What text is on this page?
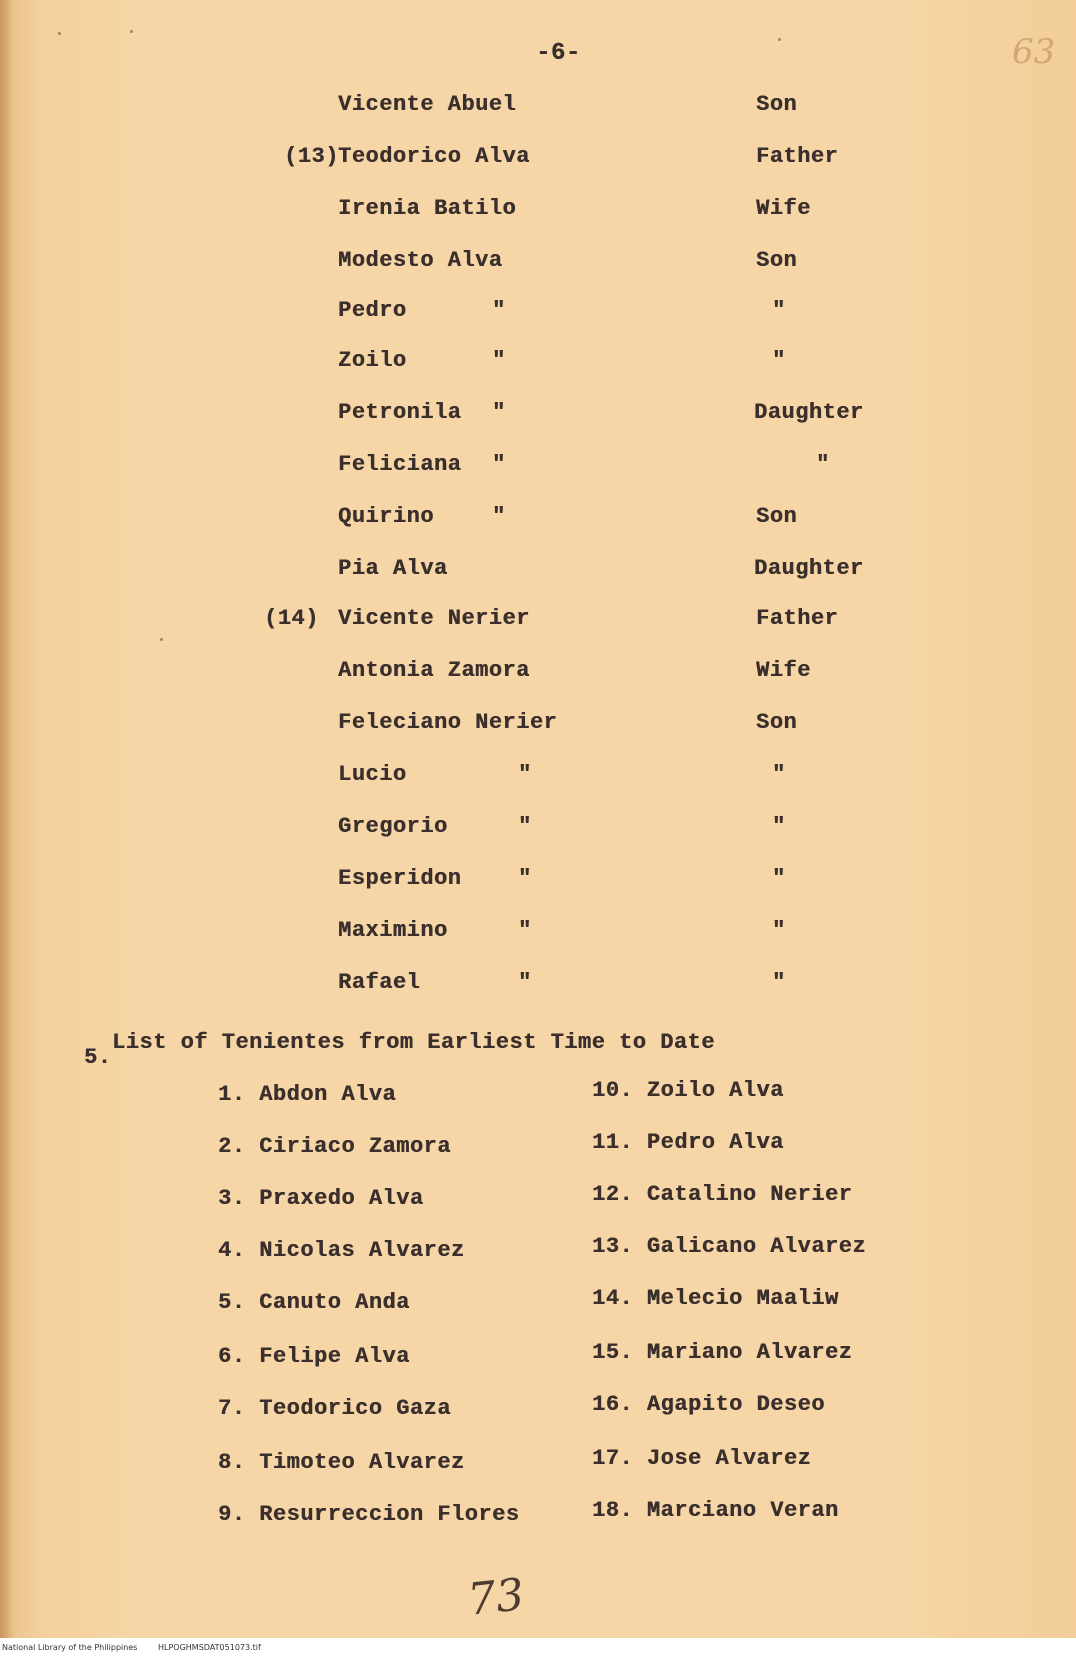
-6-	63
Vicente Abuel	Son
(13) Teodorico Alva	Father
Irenia Batilo	Wife
Modesto Alva	Son
Pedro	"	"
Zoilo	"	"
Petronila "	Daughter
Feliciana "	"
Quirino	"	Son
Pia Alva	Daughter
(14) Vicente Nerier	Father
Antonia Zamora	Wife
Feleciano Nerier	Son
Lucio	"	"
Gregorio	"	"
Esperidon	"	"
Maximino	"	"
Rafael	"	"
5.
List of Tenientes from Earliest Time to Date
1. Abdon Alva
2. Ciriaco Zamora
3. Praxedo Alva
4. Nicolas Alvarez
5. Canuto Anda
6. Felipe Alva
7. Teodorico Gaza
8. Timoteo Alvarez
9. Resurreccion Flores
10. Zoilo Alva
11. Pedro Alva
12. Catalino Nerier
13. Galicano Alvarez
14. Melecio Maaliw
15. Mariano Alvarez
16. Agapito Deseo
17. Jose Alvarez
18. Marciano Veran
73
National Library of the Philippines	HLPOGHMSDAT051073.tif
